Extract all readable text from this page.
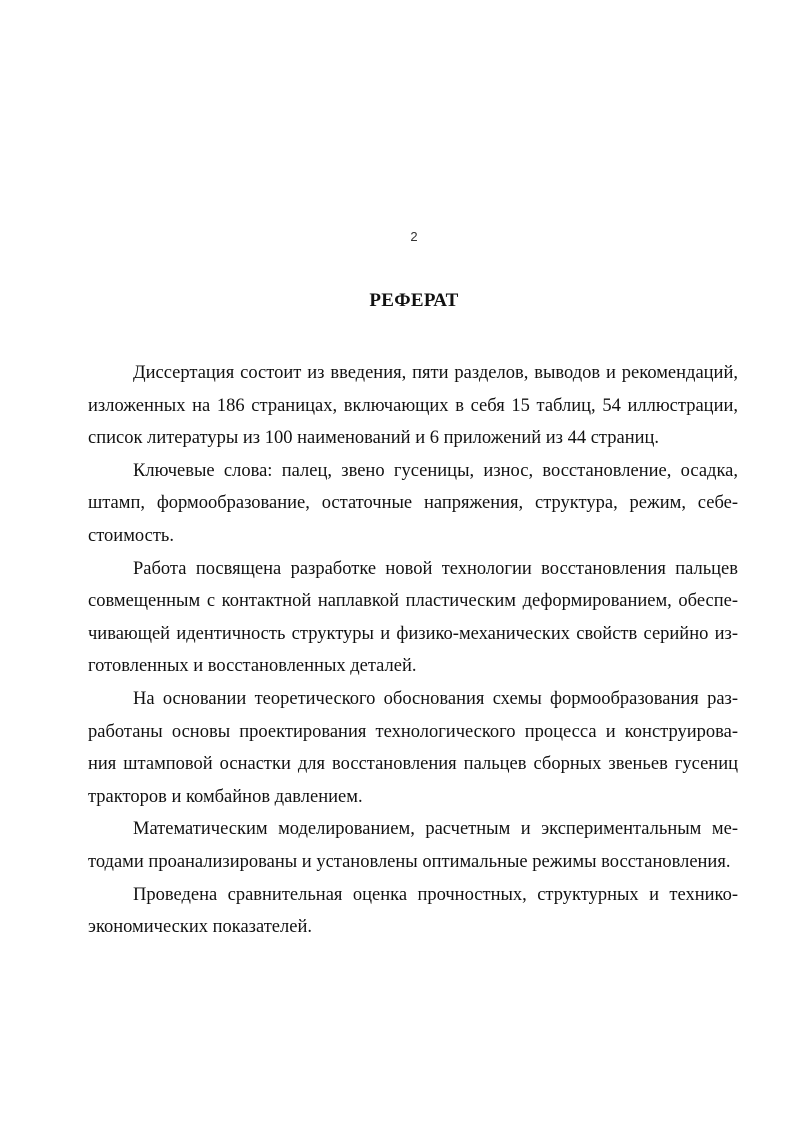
2
РЕФЕРАТ

Диссертация состоит из введения, пяти разделов, выводов и рекомендаций,
изложенных на 186 страницах, включающих в себя 15 таблиц, 54 иллюстрации,
список литературы из 100 наименований и 6 приложений из 44 страниц.

Ключевые слова: палец, звено гусеницы, износ, восстановление, осадка,
штамп, формообразование, остаточные напряжения, структура, режим, себе-
стоимость.

Работа посвящена разработке новой технологии восстановления пальцев
совмещенным с контактной наплавкой пластическим деформированием, обеспе-
чивающей идентичность структуры и физико-механических свойств серийно из-
готовленных и восстановленных деталей.

На основании теоретического обоснования схемы формообразования раз-
работаны основы проектирования технологического процесса и конструирова-
ния штамповой оснастки для восстановления пальцев сборных звеньев гусениц
тракторов и комбайнов давлением.

Математическим моделированием, расчетным и экспериментальным ме-
тодами проанализированы и установлены оптимальные режимы восстановления.

Проведена сравнительная оценка прочностных, структурных и технико-
экономических показателей.
